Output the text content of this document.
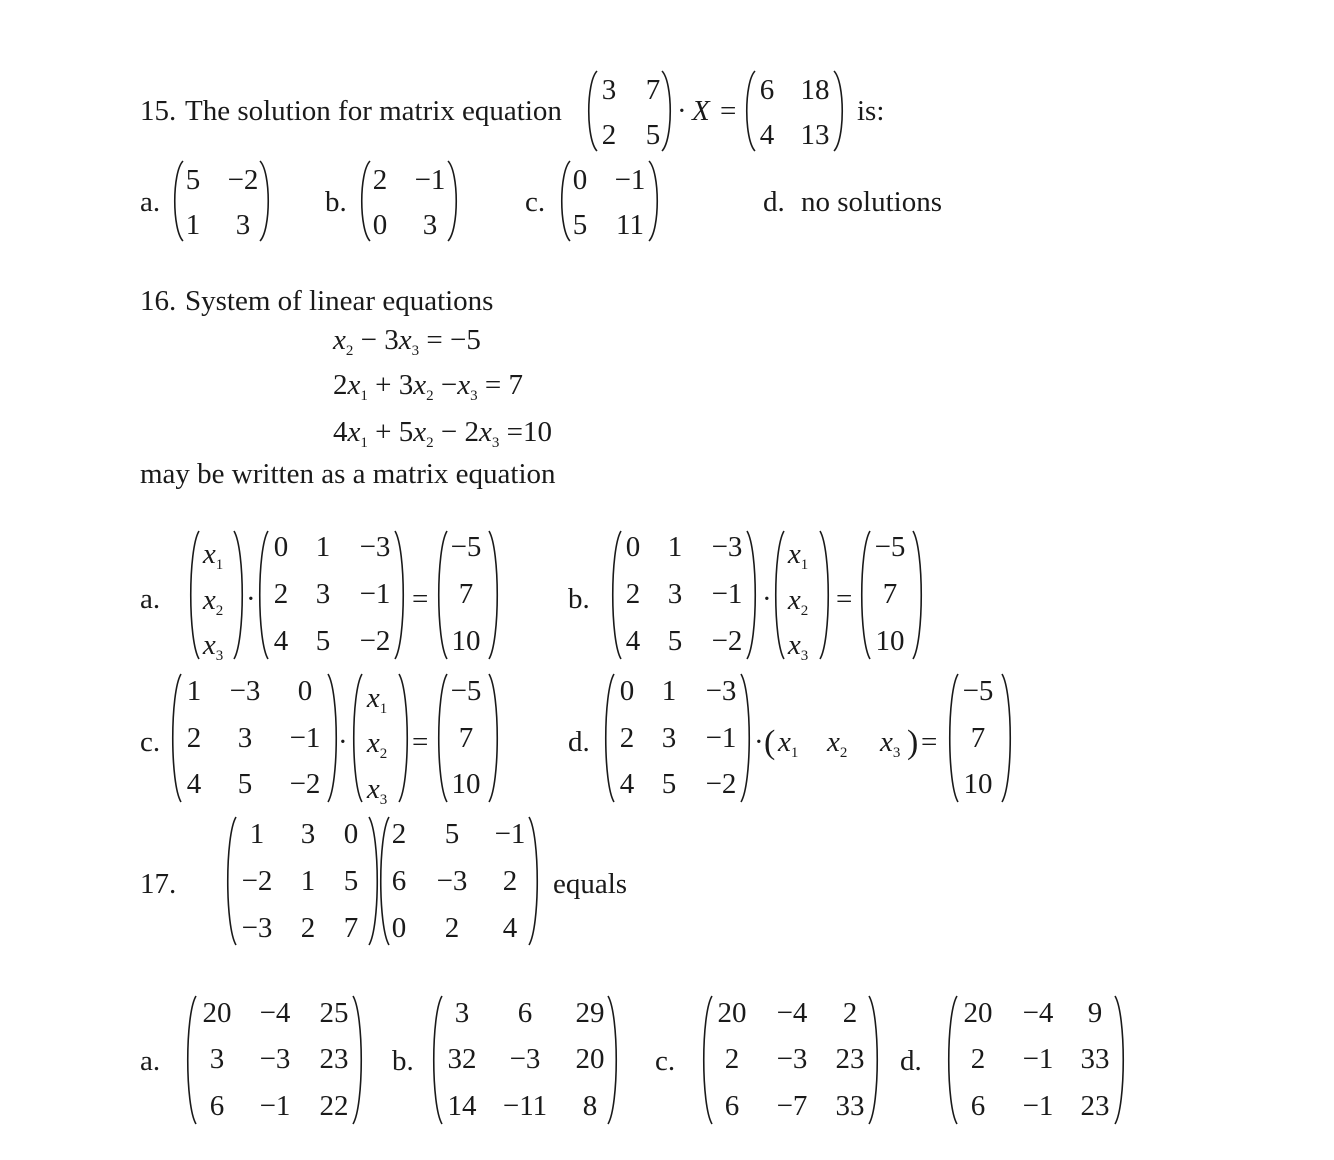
15. The solution for matrix equation
3 7
2 5
· X =
6 18
4 13
is:
a.
5 −2
1 3
b.
2 −1
0 3
c.
0 −1
5 11
d. no solutions
16. System of linear equations
$x_2 - 3x_3 = -5$
$2x_1 + 3x_2 -x_3 = 7$
$4x_1 + 5x_2 - 2x_3 =10$
may be written as a matrix equation
a.
$x_1$
$x_2$
$x_3$
·
0 1 −3
2 3 −1
4 5 −2
=
−5
7
10
b.
0 1 −3
2 3 −1
4 5 −2
·
$x_1$
$x_2$
$x_3$
=
−5
7
10
c.
1 −3 0
2 3 −1
4 5 −2
·
$x_1$
$x_2$
$x_3$
=
−5
7
10
d.
0 1 −3
2 3 −1
4 5 −2
· ( $x_1$ $x_2$ $x_3$ ) =
−5
7
10
17.
1 3 0
−2 1 5
−3 2 7
2 5 −1
6 −3 2
0 2 4
equals
a.
20 −4 25
3 −3 23
6 −1 22
b.
3 6 29
32 −3 20
14 −11 8
c.
20 −4 2
2 −3 23
6 −7 33
d.
20 −4 9
2 −1 33
6 −1 23
